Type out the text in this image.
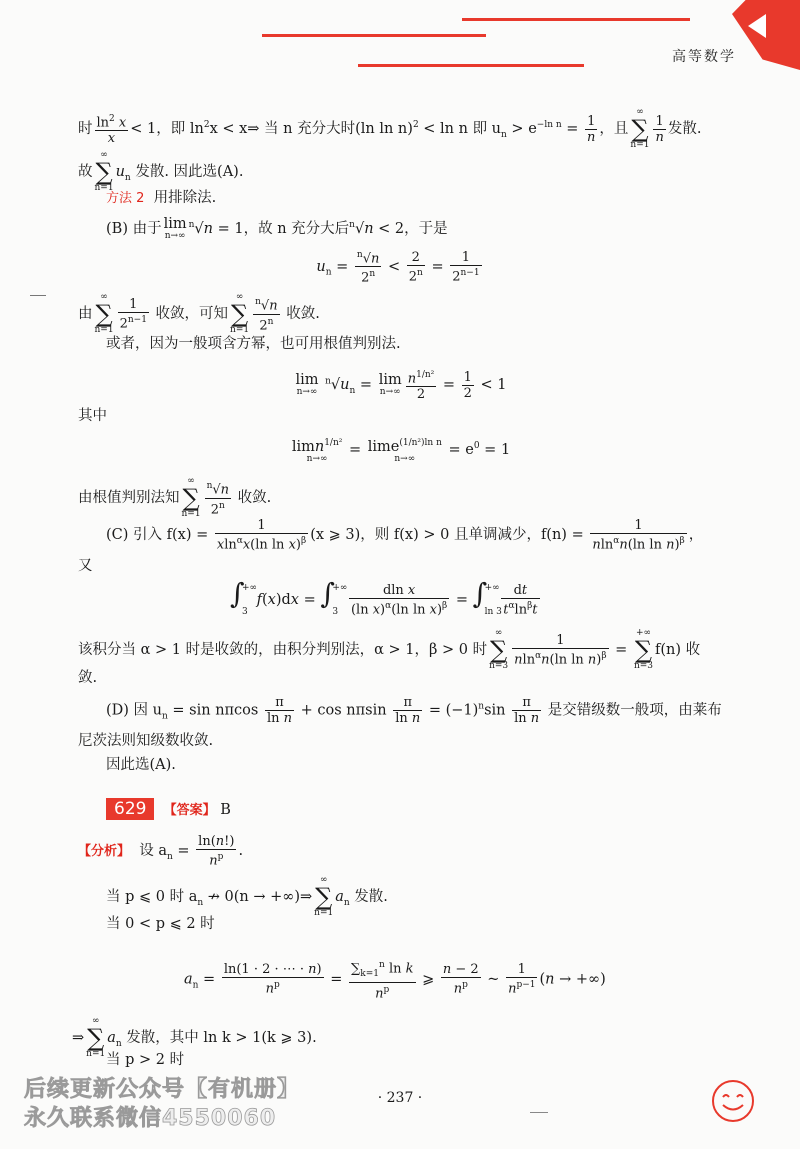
高等数学
时 $\frac{\ln^2 x}{x} < 1$，即 $\ln^2x$ < x⇒ 当 n 充分大时(ln ln n)$^2$ < ln n 即 $u_n > e^{-ln n} = \frac{1}{n}$ ，且
∞
∑
n=1
$\frac{1}{n}$ 发散.
故
∞
∑
n=1
$u_n$ 发散. 因此选(A).
方法 2 用排除法.
(B) 由于 lim
n→∞
$^n$√n = 1，故 n 充分大后$^n$√n < 2，于是
$u_n = \frac{^n√n}{2^n} < \frac{2}{2^n} = \frac{1}{2^{n-1}}$
由
∞
∑
$n=1 \frac{1}{2^{n-1}}$ 收敛，可知
∞
∑
$n=1 \frac{^n√n}{2^n}$ 收敛.
或者，因为一般项含方幂，也可用根值判别法.
lim
n→∞
$^n√u_n = \lim$
$n\to\infty \frac{n^{1/n^2}}{2} = \frac{1}{2} < 1$
其中
limn$^{1/n^2}$
n→∞
= lime$^{(1/n^2)ln n}$
n→∞
= $e^0 = 1$
由根值判别法知
∞
∑
$n=1 \frac{^n√n}{2^n}$ 收敛.
(C) 引入 $f(x) = \frac{1}{xln^\alpha x(\ln \ln x)^\beta} (x$ ⩾ 3)，则 f(x) > 0 且单调减少，$f(n) = \frac{1}{nln^\alpha n(\ln \ln n)^\beta}$ ，
又
∫
+∞
3
f(x)dx = ∫
+∞
3
$\frac{\text{dln x}}{(\ln x)^\alpha(\ln \ln x)^\beta}$ = ∫
+∞
ln 3
$\frac{dt}{t^\alpha\ln^\beta t}$
该积分当 α > 1 时是收敛的，由积分判别法，α > 1，β > 0 时
∞
∑
$n=3 \frac{1}{nln^\alpha n(\ln \ln n)^\beta}$ =
+∞
∑
n=3
f(n) 收
敛.
(D) 因 $u_n = \sin n\pi\cos \frac{\pi}{\text{ln n}} + \cos n\pi\sin \frac{\pi}{\text{ln n}} = (-1)^n\sin \frac{\pi}{\text{ln n}}$ 是交错级数一般项，由莱布
尼茨法则知级数收敛.
因此选(A).
629 【答案】 B
【分析】 设 $a_n = \frac{\ln(n!)}{n^p}$ .
当 p ⩽ 0 时 $a_n$ ↛ 0(n → +∞)⇒
∞
∑
n=1
$a_n$ 发散.
当 0 < p ⩽ 2 时
$a_n = \frac{\ln(1 \cdot 2 \cdot \cdots \cdot n)}{n^p} = \frac{\sum_{k=1}^n \ln k}{n^p}$ ⩾ $\frac{n - 2}{n^p}$ ~ $\frac{1}{n^{p-1}} (n$ → +∞)
⇒
∞
∑
n=1
$a_n$ 发散，其中 ln k > 1(k ⩾ 3).
当 p > 2 时
· 237 ·
后续更新公众号【有机册】
永久联系微信4550060
